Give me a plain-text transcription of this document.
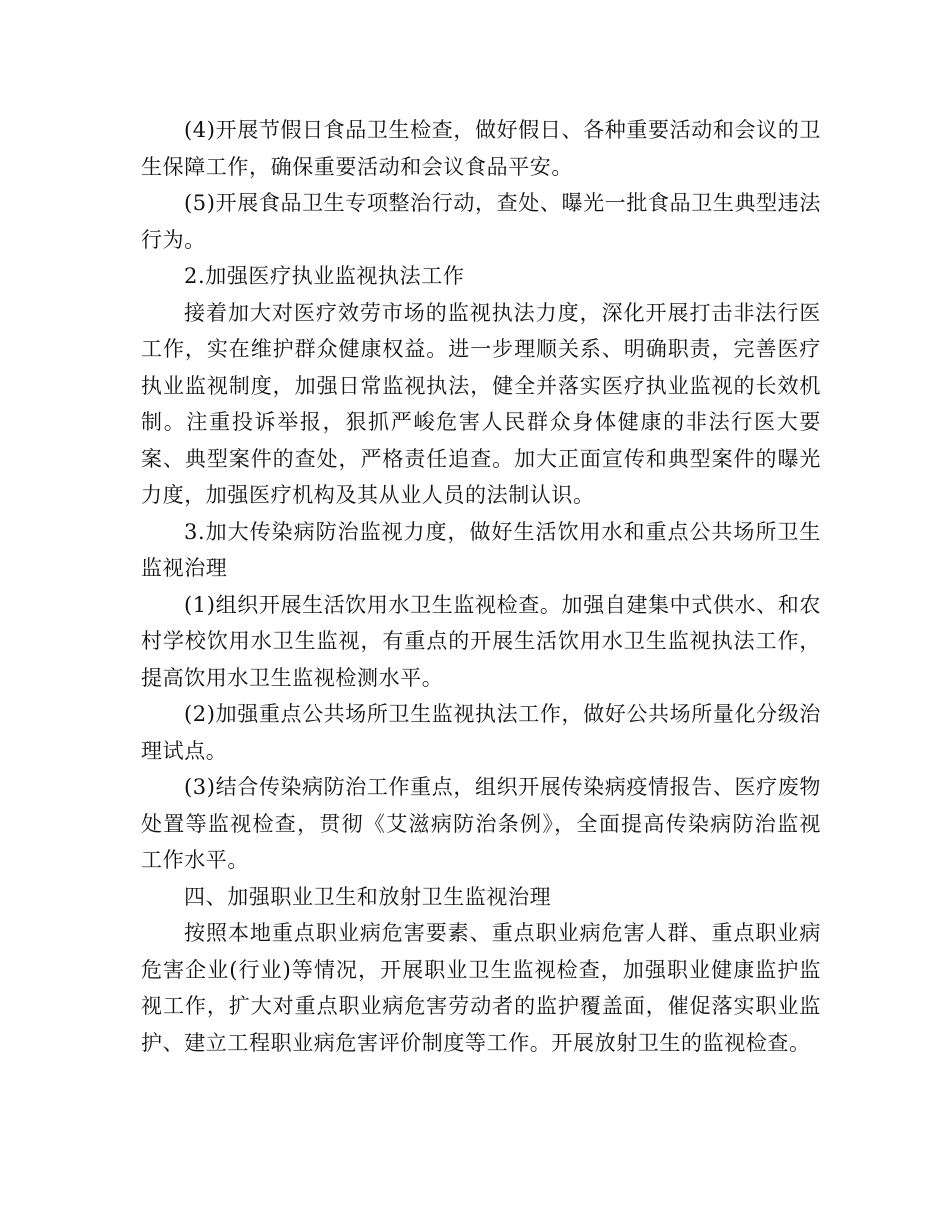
(4)开展节假日食品卫生检查，做好假日、各种重要活动和会议的卫生保障工作，确保重要活动和会议食品平安。

(5)开展食品卫生专项整治行动，查处、曝光一批食品卫生典型违法行为。

2.加强医疗执业监视执法工作

接着加大对医疗效劳市场的监视执法力度，深化开展打击非法行医工作，实在维护群众健康权益。进一步理顺关系、明确职责，完善医疗执业监视制度，加强日常监视执法，健全并落实医疗执业监视的长效机制。注重投诉举报，狠抓严峻危害人民群众身体健康的非法行医大要案、典型案件的查处，严格责任追查。加大正面宣传和典型案件的曝光力度，加强医疗机构及其从业人员的法制认识。

3.加大传染病防治监视力度，做好生活饮用水和重点公共场所卫生监视治理

(1)组织开展生活饮用水卫生监视检查。加强自建集中式供水、和农村学校饮用水卫生监视，有重点的开展生活饮用水卫生监视执法工作，提高饮用水卫生监视检测水平。

(2)加强重点公共场所卫生监视执法工作，做好公共场所量化分级治理试点。

(3)结合传染病防治工作重点，组织开展传染病疫情报告、医疗废物处置等监视检查，贯彻《艾滋病防治条例》，全面提高传染病防治监视工作水平。

四、加强职业卫生和放射卫生监视治理

按照本地重点职业病危害要素、重点职业病危害人群、重点职业病危害企业(行业)等情况，开展职业卫生监视检查，加强职业健康监护监视工作，扩大对重点职业病危害劳动者的监护覆盖面，催促落实职业监护、建立工程职业病危害评价制度等工作。开展放射卫生的监视检查。
